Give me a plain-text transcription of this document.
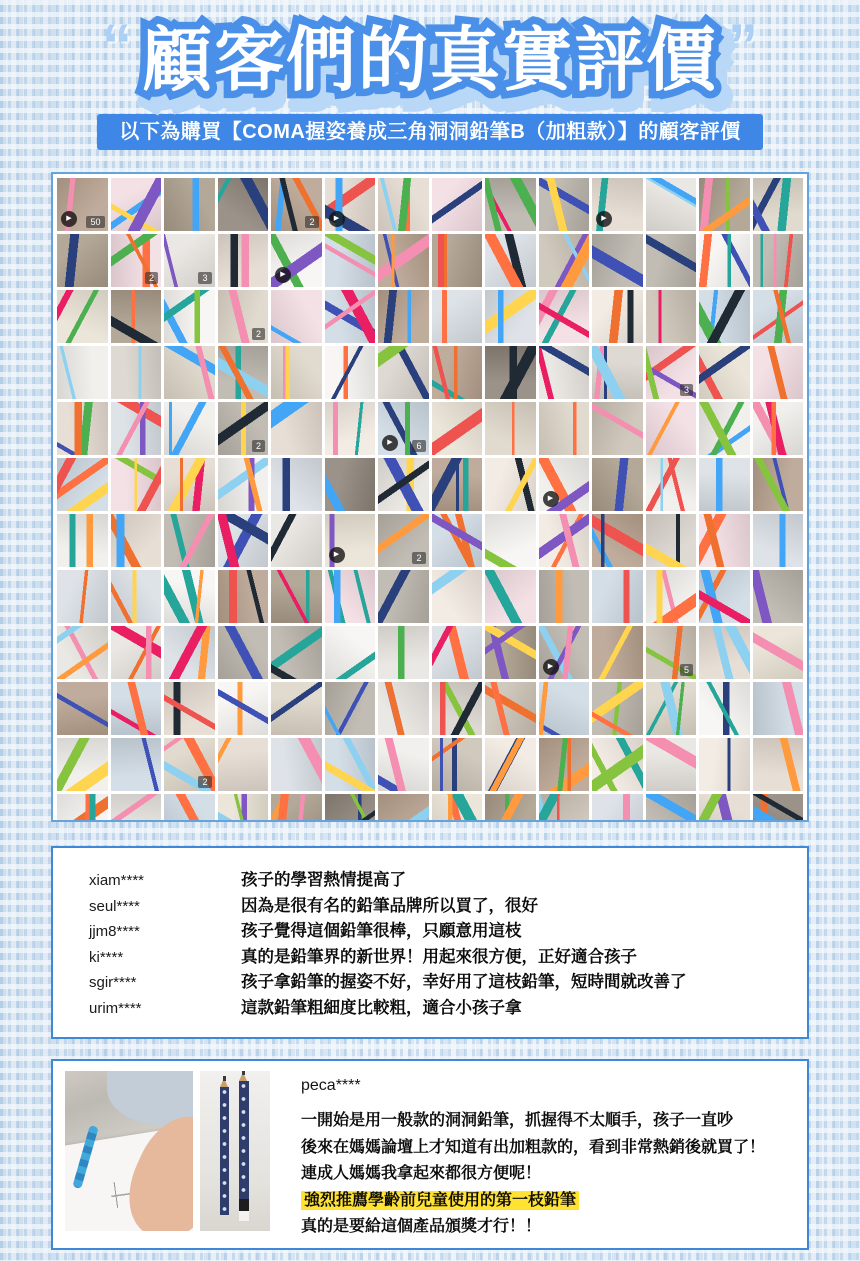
“ 顧客們的真實評價 顧客們的真實評價 顧客們的真實評價 ”
以下為購買【COMA握姿養成三角洞洞鉛筆B（加粗款）】的顧客評價
▶	50	2	▶	▶
2	3	▶
2
3
2	▶	6
▶
▶	2
▶	5
2
xiam****	孩子的學習熱情提高了
seul****	因為是很有名的鉛筆品牌所以買了，很好
jjm8****	孩子覺得這個鉛筆很棒，只願意用這枝
ki****	真的是鉛筆界的新世界！用起來很方便，正好適合孩子
sgir****	孩子拿鉛筆的握姿不好，幸好用了這枝鉛筆，短時間就改善了
urim****	這款鉛筆粗細度比較粗，適合小孩子拿
peca****
一開始是用一般款的洞洞鉛筆，抓握得不太順手，孩子一直吵
後來在媽媽論壇上才知道有出加粗款的，看到非常熱銷後就買了！
連成人媽媽我拿起來都很方便呢！
強烈推薦學齡前兒童使用的第一枝鉛筆
真的是要給這個產品頒獎才行！！
